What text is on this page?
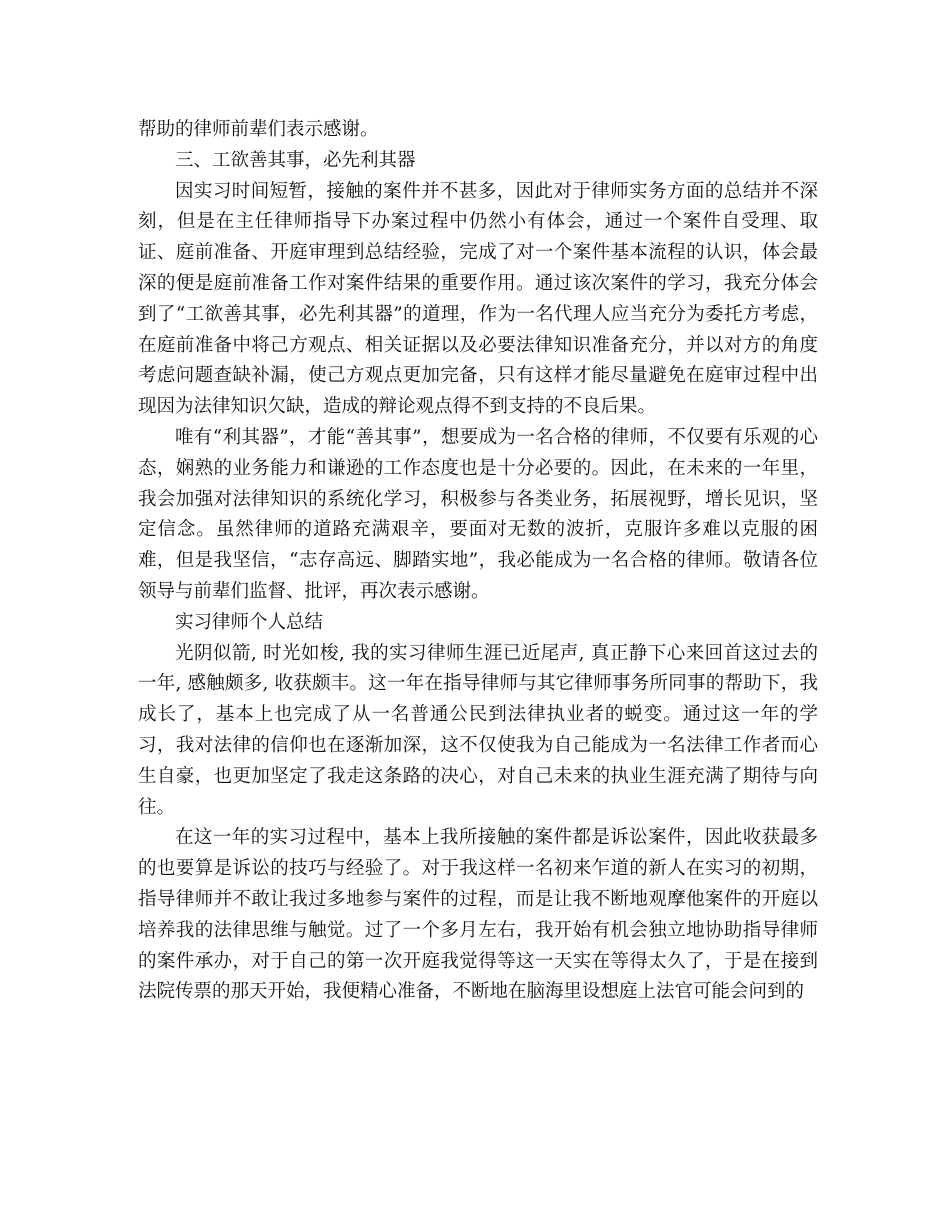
帮助的律师前辈们表示感谢。

三、工欲善其事，必先利其器

因实习时间短暂，接触的案件并不甚多，因此对于律师实务方面的总结并不深刻，但是在主任律师指导下办案过程中仍然小有体会，通过一个案件自受理、取证、庭前准备、开庭审理到总结经验，完成了对一个案件基本流程的认识，体会最深的便是庭前准备工作对案件结果的重要作用。通过该次案件的学习，我充分体会到了“工欲善其事，必先利其器”的道理，作为一名代理人应当充分为委托方考虑，在庭前准备中将己方观点、相关证据以及必要法律知识准备充分，并以对方的角度考虑问题查缺补漏，使己方观点更加完备，只有这样才能尽量避免在庭审过程中出现因为法律知识欠缺，造成的辩论观点得不到支持的不良后果。

唯有“利其器”，才能“善其事”，想要成为一名合格的律师，不仅要有乐观的心态，娴熟的业务能力和谦逊的工作态度也是十分必要的。因此，在未来的一年里，我会加强对法律知识的系统化学习，积极参与各类业务，拓展视野，增长见识，坚定信念。虽然律师的道路充满艰辛，要面对无数的波折，克服许多难以克服的困难，但是我坚信，“志存高远、脚踏实地”，我必能成为一名合格的律师。敬请各位领导与前辈们监督、批评，再次表示感谢。

实习律师个人总结

光阴似箭, 时光如梭, 我的实习律师生涯已近尾声, 真正静下心来回首这过去的一年, 感触颇多, 收获颇丰。这一年在指导律师与其它律师事务所同事的帮助下，我成长了，基本上也完成了从一名普通公民到法律执业者的蜕变。通过这一年的学习，我对法律的信仰也在逐渐加深，这不仅使我为自己能成为一名法律工作者而心生自豪，也更加坚定了我走这条路的决心，对自己未来的执业生涯充满了期待与向往。

在这一年的实习过程中，基本上我所接触的案件都是诉讼案件，因此收获最多的也要算是诉讼的技巧与经验了。对于我这样一名初来乍道的新人在实习的初期，指导律师并不敢让我过多地参与案件的过程，而是让我不断地观摩他案件的开庭以培养我的法律思维与触觉。过了一个多月左右，我开始有机会独立地协助指导律师的案件承办，对于自己的第一次开庭我觉得等这一天实在等得太久了，于是在接到法院传票的那天开始，我便精心准备，不断地在脑海里设想庭上法官可能会问到的
